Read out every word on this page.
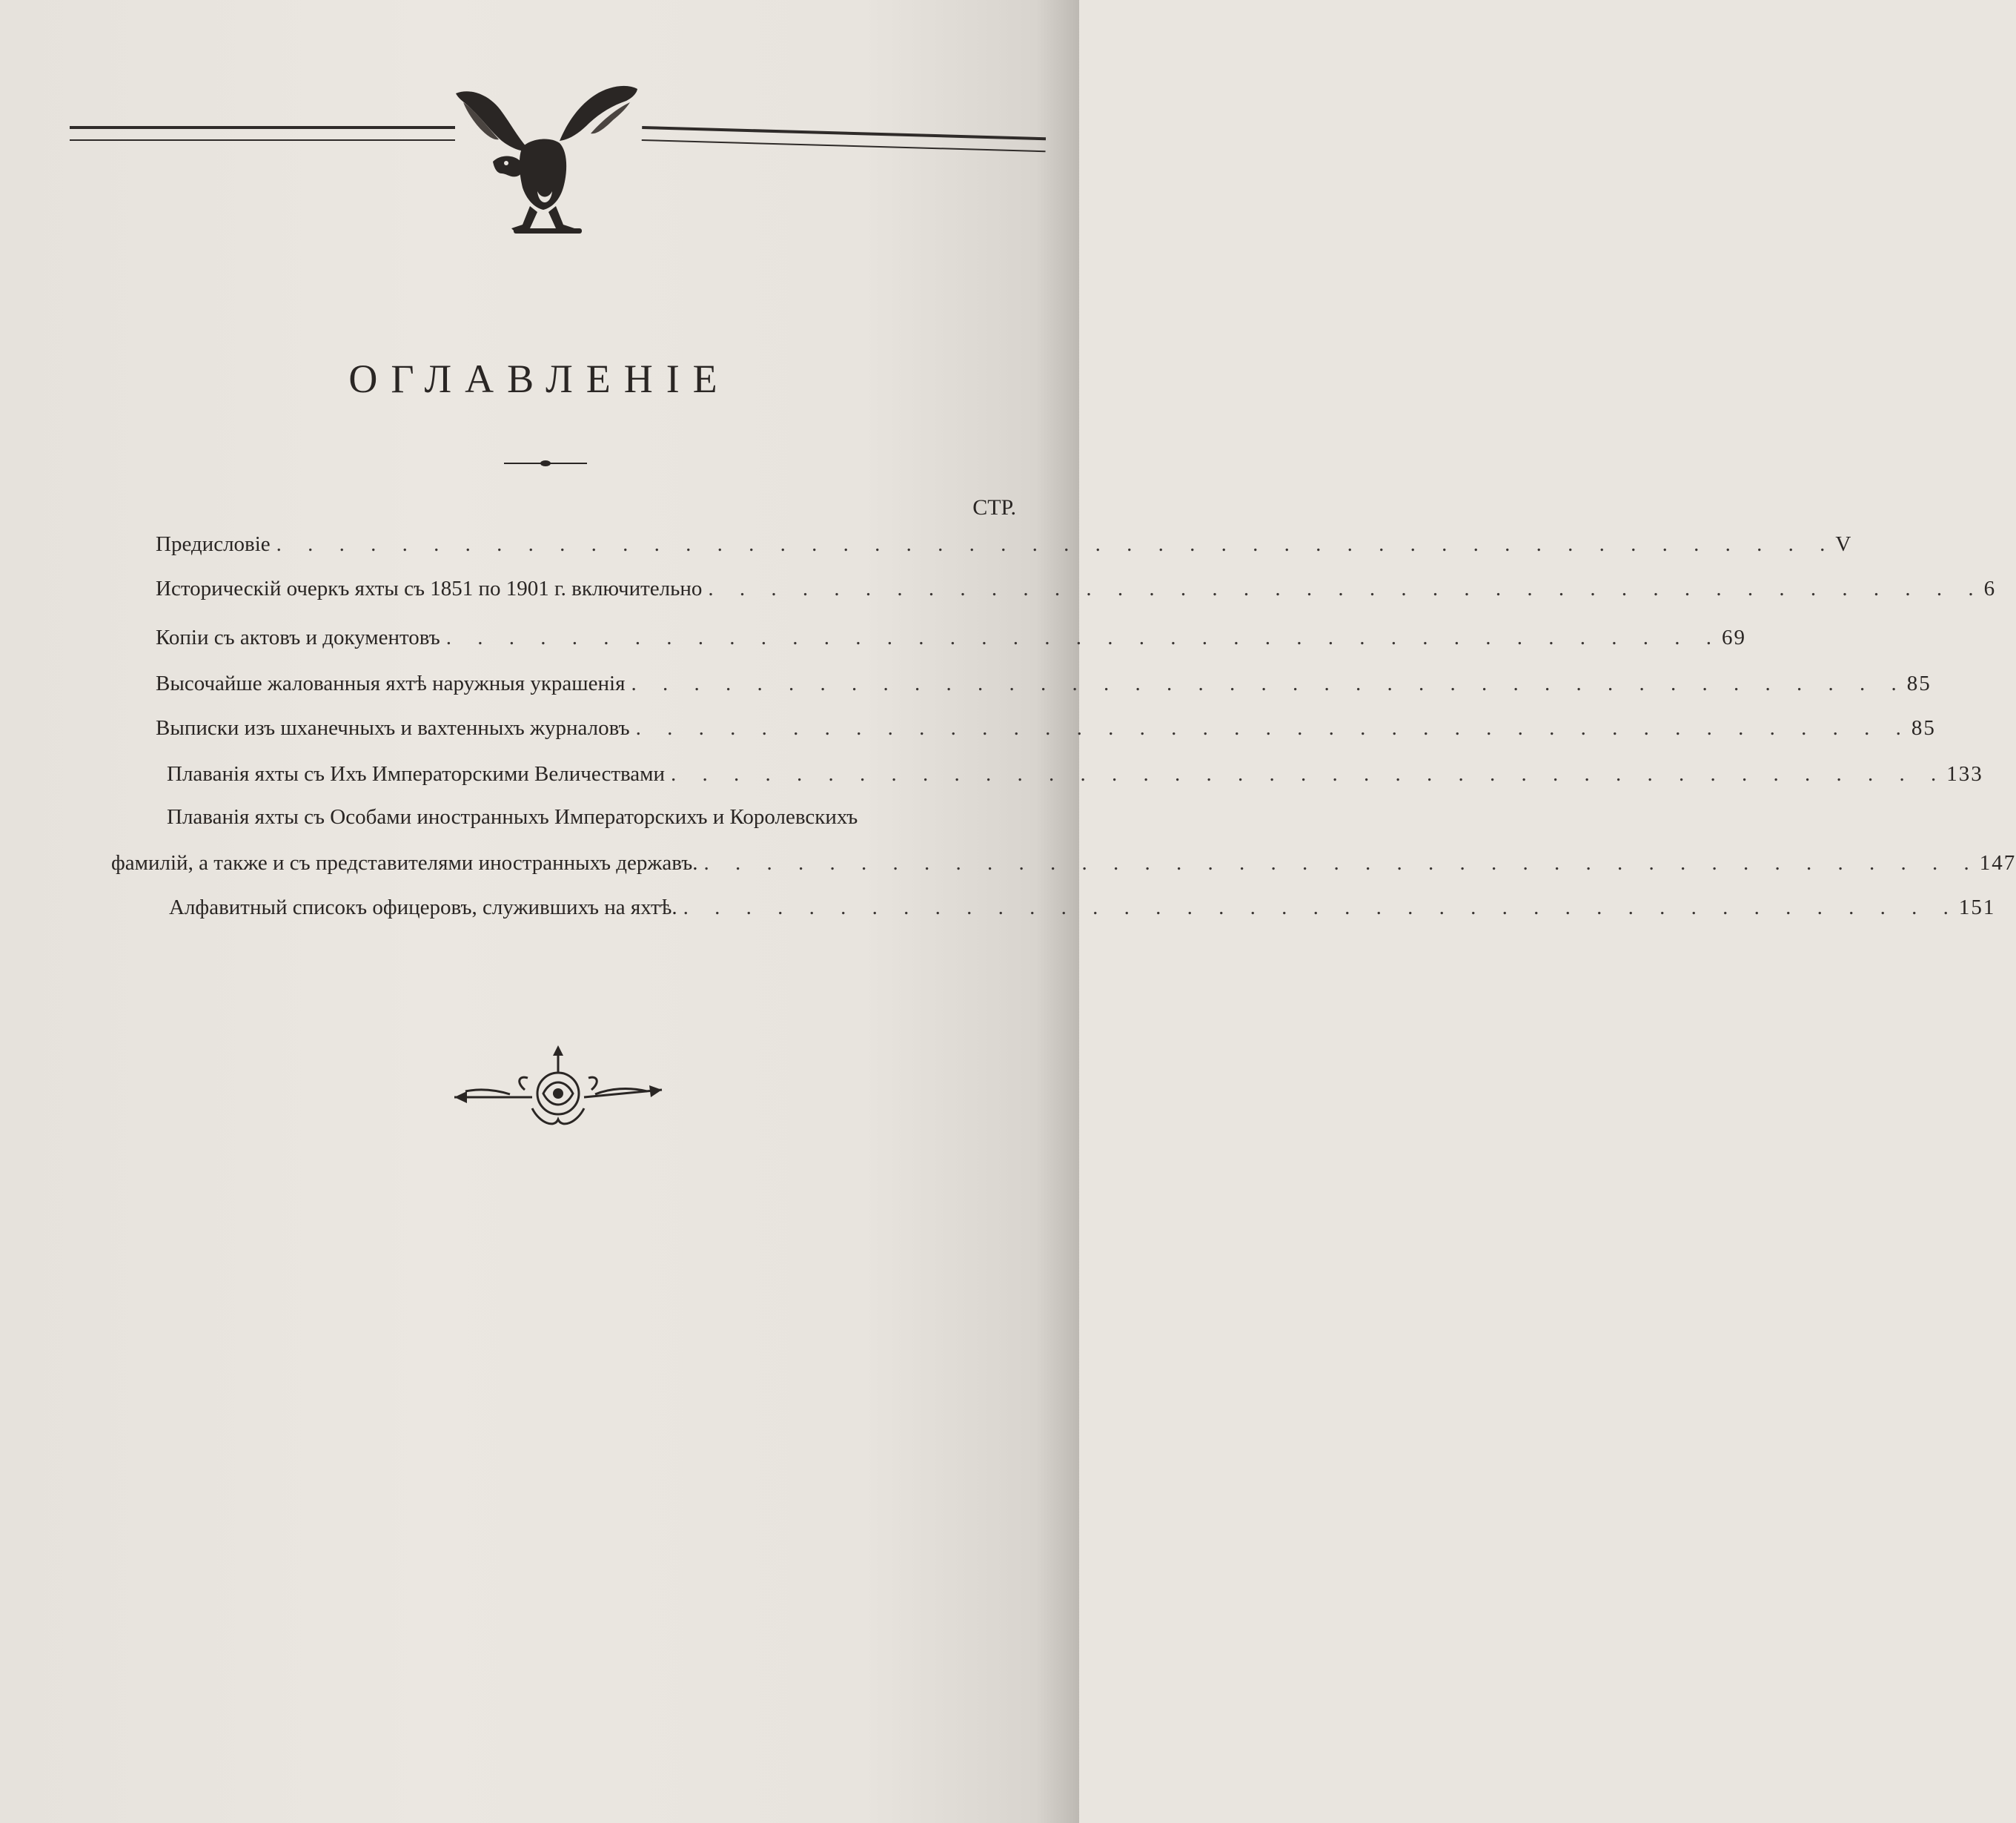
ОГЛАВЛЕНІЕ
СТР.
Предисловіе . . . . . . . . . . . . . . . . . . . . . . . . . . . . . . . . . . . . . . . . . . . . . . . . . . V
Историческій очеркъ яхты съ 1851 по 1901 г. включительно . . . . . . . . . . . . . . . . . . . . . . . . . . . . . . . . . . . . . . . . . 6
Копіи съ актовъ и документовъ . . . . . . . . . . . . . . . . . . . . . . . . . . . . . . . . . . . . . . . . . 69
Высочайше жалованныя яхтѣ наружныя украшенія . . . . . . . . . . . . . . . . . . . . . . . . . . . . . . . . . . . . . . . . . 85
Выписки изъ шханечныхъ и вахтенныхъ журналовъ . . . . . . . . . . . . . . . . . . . . . . . . . . . . . . . . . . . . . . . . . 85
Плаванія яхты съ Ихъ Императорскими Величествами . . . . . . . . . . . . . . . . . . . . . . . . . . . . . . . . . . . . . . . . . 133
Плаванія яхты съ Особами иностранныхъ Императорскихъ и Королевскихъ
фамилій, а также и съ представителями иностранныхъ державъ. . . . . . . . . . . . . . . . . . . . . . . . . . . . . . . . . . . . . . . . . . 147
Алфавитный списокъ офицеровъ, служившихъ на яхтѣ. . . . . . . . . . . . . . . . . . . . . . . . . . . . . . . . . . . . . . . . . . 151
